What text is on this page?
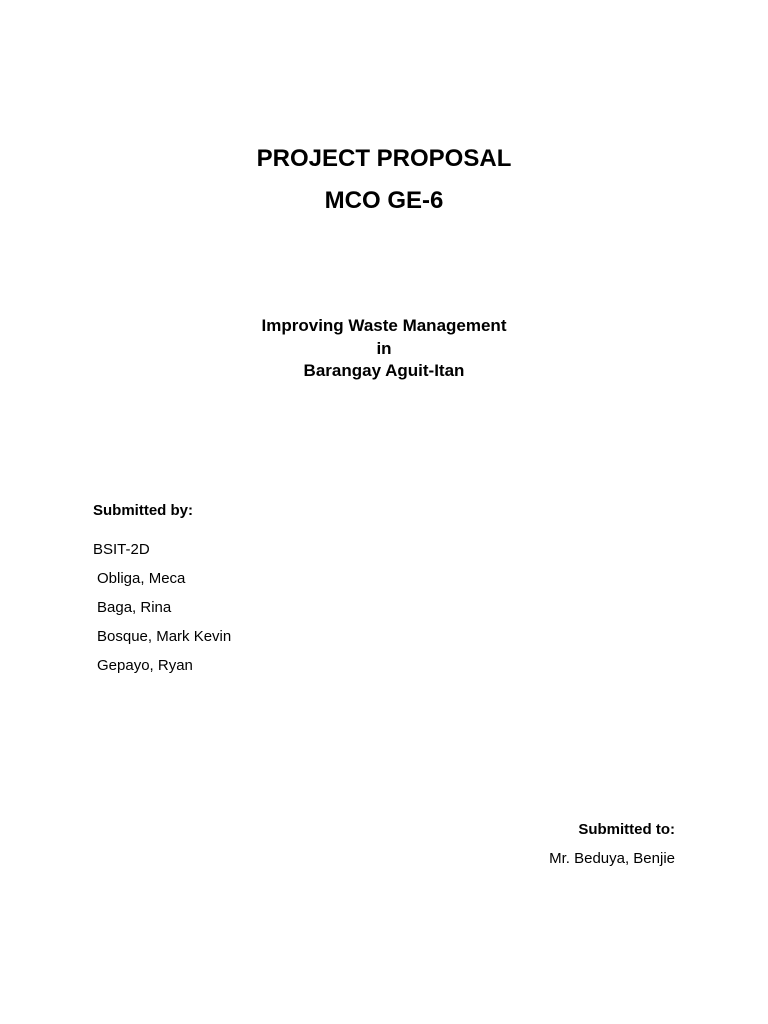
PROJECT PROPOSAL
MCO GE-6
Improving Waste Management
in
Barangay Aguit-Itan
Submitted by:
BSIT-2D
Obliga, Meca
Baga, Rina
Bosque, Mark Kevin
Gepayo, Ryan
Submitted to:
Mr. Beduya, Benjie
